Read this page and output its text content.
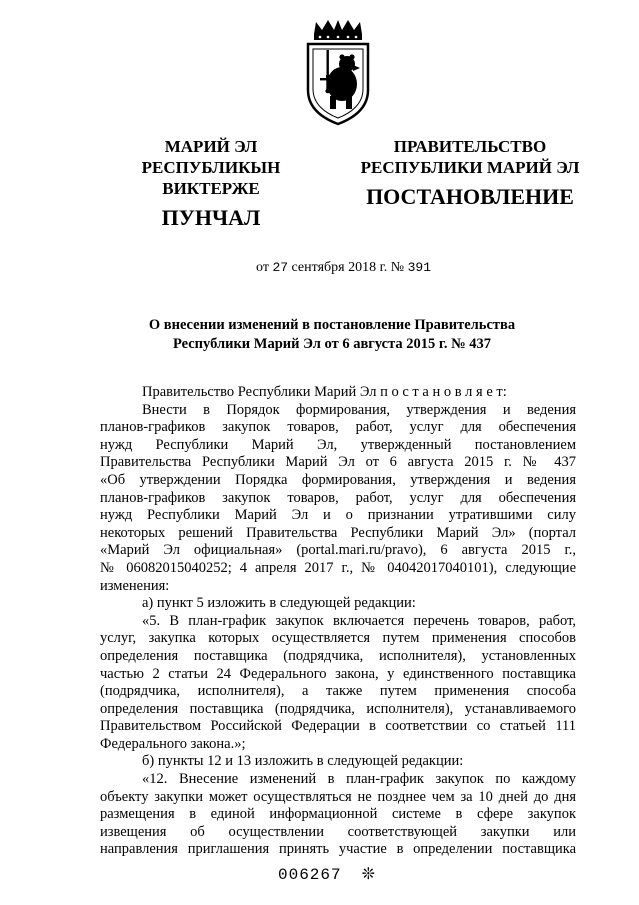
МАРИЙ ЭЛ РЕСПУБЛИКЫН
ВИКТЕРЖЕ
ПУНЧАЛ
ПРАВИТЕЛЬСТВО
РЕСПУБЛИКИ МАРИЙ ЭЛ
ПОСТАНОВЛЕНИЕ
от 27 сентября 2018 г. № 391
О внесении изменений в постановление Правительства
Республики Марий Эл от 6 августа 2015 г. № 437
Правительство Республики Марий Эл п о с т а н о в л я е т:
Внести в Порядок формирования, утверждения и ведения
планов-графиков закупок товаров, работ, услуг для обеспечения
нужд Республики Марий Эл, утвержденный постановлением
Правительства Республики Марий Эл от 6 августа 2015 г. № 437
«Об утверждении Порядка формирования, утверждения и ведения
планов-графиков закупок товаров, работ, услуг для обеспечения
нужд Республики Марий Эл и о признании утратившими силу
некоторых решений Правительства Республики Марий Эл» (портал
«Марий Эл официальная» (portal.mari.ru/pravo), 6 августа 2015 г.,
№ 06082015040252; 4 апреля 2017 г., № 04042017040101), следующие
изменения:
а) пункт 5 изложить в следующей редакции:
«5. В план-график закупок включается перечень товаров, работ,
услуг, закупка которых осуществляется путем применения способов
определения поставщика (подрядчика, исполнителя), установленных
частью 2 статьи 24 Федерального закона, у единственного поставщика
(подрядчика, исполнителя), а также путем применения способа
определения поставщика (подрядчика, исполнителя), устанавливаемого
Правительством Российской Федерации в соответствии со статьей 111
Федерального закона.»;
б) пункты 12 и 13 изложить в следующей редакции:
«12. Внесение изменений в план-график закупок по каждому
объекту закупки может осуществляться не позднее чем за 10 дней до дня
размещения в единой информационной системе в сфере закупок
извещения об осуществлении соответствующей закупки или
направления приглашения принять участие в определении поставщика
006267 ❊
